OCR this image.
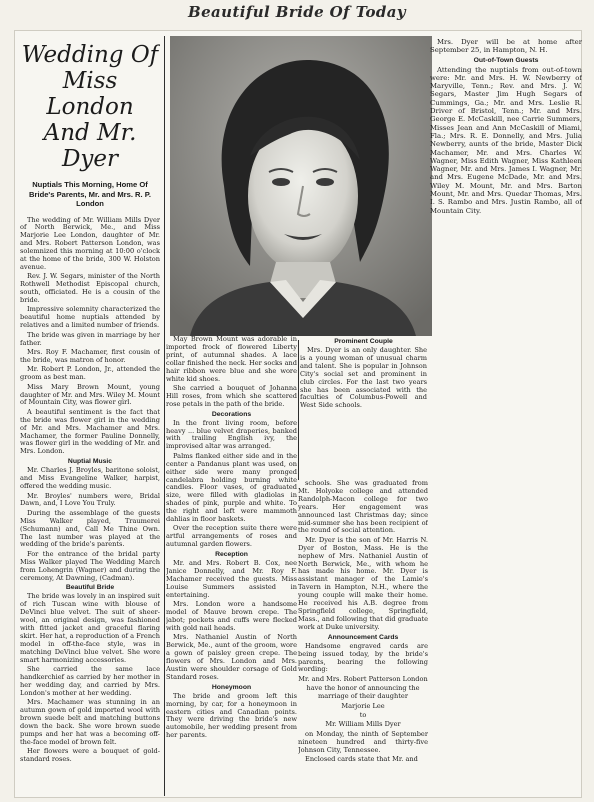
Beautiful Bride Of Today
Wedding Of Miss London And Mr. Dyer
Nuptials This Morning, Home Of Bride's Parents, Mr. and Mrs. R. P. London

The wedding of Mr. William Mills Dyer of North Berwick, Me., and Miss Marjorie Lee London, daughter of Mr. and Mrs. Robert Patterson London, was solemnized this morning at 10:00 o'clock at the home of the bride, 300 W. Holston avenue.

Rev. J. W. Segars, minister of the North Rothwell Methodist Episcopal church, south, officiated. He is a cousin of the bride.

Impressive solemnity characterized the beautiful home nuptials attended by relatives and a limited number of friends.

The bride was given in marriage by her father.

Mrs. Roy F. Machamer, first cousin of the bride, was matron of honor.

Mr. Robert P. London, Jr., attended the groom as best man.

Miss Mary Brown Mount, young daughter of Mr. and Mrs. Wiley M. Mount of Mountain City, was flower girl.

A beautiful sentiment is the fact that the bride was flower girl in the wedding of Mr. and Mrs. Machamer and Mrs. Machamer, the former Pauline Donnelly, was flower girl in the wedding of Mr. and Mrs. London.

Nuptial Music

Mr. Charles J. Broyles, baritone soloist, and Miss Evangeline Walker, harpist, offered the wedding music.

Mr. Broyles' numbers were, Bridal Dawn, and, I Love You Truly.

During the assemblage of the guests Miss Walker played, Traumerei (Schumann) and, Call Me Thine Own. The last number was played at the wedding of the bride's parents.

For the entrance of the bridal party Miss Walker played The Wedding March from Lohengrin (Wagner) and during the ceremony, At Dawning, (Cadman).

Beautiful Bride

The bride was lovely in an inspired suit of rich Tuscan wine with blouse of DeVinci blue velvet. The suit of sheer-wool, an original design, was fashioned with fitted jacket and graceful flaring skirt. Her hat, a reproduction of a French model in off-the-face style, was in matching DeVinci blue velvet. She wore smart harmonizing accessories.

She carried the same lace handkerchief as carried by her mother in her wedding day, and carried by Mrs. London's mother at her wedding.

Mrs. Machamer was stunning in an autumn gown of gold imported wool with brown suede belt and matching buttons down the back. She wore brown suede pumps and her hat was a becoming off-the-face model of brown felt.

Her flowers were a bouquet of gold-standard roses.

May Brown Mount was adorable in imported frock of flowered Liberty print, of autumnal shades. A lace collar finished the neck. Her socks and hair ribbon were blue and she wore white kid shoes.

She carried a bouquet of Johanna Hill roses, from which she scattered rose petals in the path of the bride.

Decorations

In the front living room, before heavy ... blue velvet draperies, banked with trailing English ivy, the improvised altar was arranged.

Palms flanked either side and in the center a Pandanus plant was used, on either side were many pronged candelabra holding burning white candles. Floor vases, of graduated size, were filled with gladiolas in shades of pink, purple and white. To the right and left were mammoth dahlias in floor baskets.

Over the reception suite there were artful arrangements of roses and autumnal garden flowers.

Reception

Mr. and Mrs. Robert B. Cox, nee Janice Donnelly, and Mr. Roy F. Machamer received the guests. Miss Louise Summers assisted in entertaining.

Mrs. London wore a handsome model of Mauve brown crepe. The jabot; pockets and cuffs were flecked with gold nail heads.

Mrs. Nathaniel Austin of North Berwick, Me., aunt of the groom, wore a gown of paisley green crepe. The flowers of Mrs. London and Mrs. Austin were shoulder corsage of Gold Standard roses.

Honeymoon

The bride and groom left this morning, by car, for a honeymoon in eastern cities and Canadian points. They were driving the bride's new automobile, her wedding present from her parents.

Prominent Couple

Mrs. Dyer is an only daughter. She is a young woman of unusual charm and talent. She is popular in Johnson City's social set and prominent in club circles. For the last two years she has been associated with the faculties of Columbus-Powell and West Side schools.

schools. She was graduated from Mt. Holyoke college and attended Randolph-Macon college for two years. Her engagement was announced last Christmas day; since mid-summer she has been recipient of the round of social attention.

Mr. Dyer is the son of Mr. Harris N. Dyer of Boston, Mass. He is the nephew of Mrs. Nathaniel Austin of North Berwick, Me., with whom he has made his home. Mr. Dyer is assistant manager of the Lamie's Tavern in Hampton, N.H., where the young couple will make their home. He received his A.B. degree from Springfield college, Springfield, Mass., and following that did graduate work at Duke university.

Announcement Cards

Handsome engraved cards are being issued today, by the bride's parents, bearing the following wording:

Mr. and Mrs. Robert Patterson London

have the honor of announcing the marriage of their daughter

Marjorie Lee

to

Mr. William Mills Dyer

on Monday, the ninth of September nineteen hundred and thirty-five Johnson City, Tennessee.

Enclosed cards state that Mr. and

Mrs. Dyer will be at home after September 25, in Hampton, N. H.

Out-of-Town Guests

Attending the nuptials from out-of-town were: Mr. and Mrs. H. W. Newberry of Maryville, Tenn.; Rev. and Mrs. J. W. Segars, Master Jim Hugh Segars of Cummings, Ga.; Mr. and Mrs. Leslie R. Driver of Bristol, Tenn.; Mr. and Mrs. George E. McCaskill, nee Carrie Summers, Misses Jean and Ann McCaskill of Miami, Fla.; Mrs. R. E. Donnelly, and Mrs. Julia Newberry, aunts of the bride, Master Dick Machamer, Mr. and Mrs. Charles W. Wagner, Miss Edith Wagner, Miss Kathleen Wagner, Mr. and Mrs. James I. Wagner, Mr. and Mrs. Eugene McDade, Mr. and Mrs. Wiley M. Mount, Mr. and Mrs. Barton Mount, Mr. and Mrs. Quedar Thomas, Mrs. I. S. Rambo and Mrs. Justin Rambo, all of Mountain City.
